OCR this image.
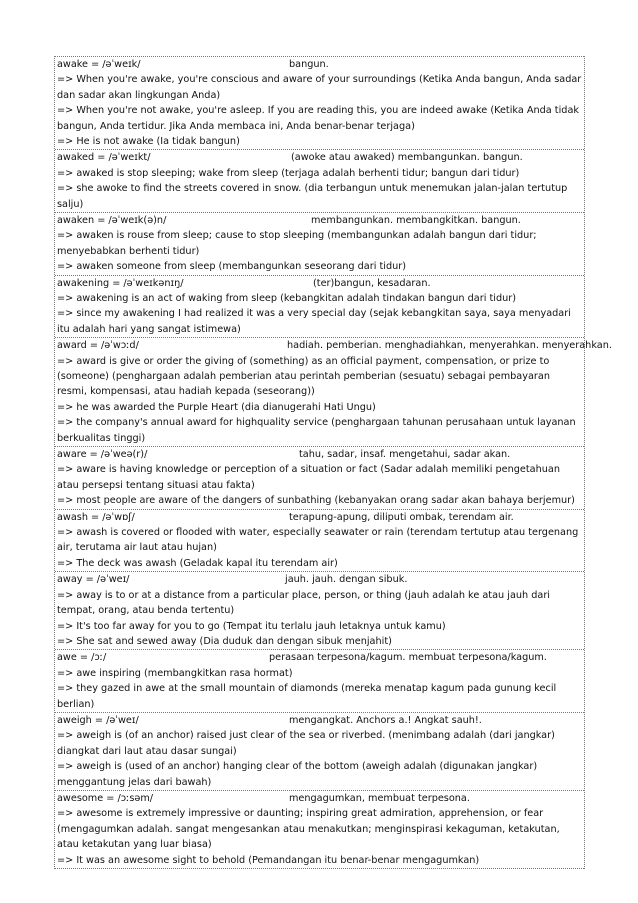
awake = /əˈweɪk/	bangun.
=> When you're awake, you're conscious and aware of your surroundings (Ketika Anda bangun, Anda sadar dan sadar akan lingkungan Anda)
=> When you're not awake, you're asleep. If you are reading this, you are indeed awake (Ketika Anda tidak bangun, Anda tertidur. Jika Anda membaca ini, Anda benar-benar terjaga)
=> He is not awake (Ia tidak bangun)
awaked = /əˈweɪkt/	(awoke atau awaked) membangunkan. bangun.
=> awaked is stop sleeping; wake from sleep (terjaga adalah berhenti tidur; bangun dari tidur)
=> she awoke to find the streets covered in snow. (dia terbangun untuk menemukan jalan-jalan tertutup salju)
awaken = /əˈweɪk(ə)n/	membangunkan. membangkitkan. bangun.
=> awaken is rouse from sleep; cause to stop sleeping (membangunkan adalah bangun dari tidur; menyebabkan berhenti tidur)
=> awaken someone from sleep (membangunkan seseorang dari tidur)
awakening = /əˈweɪkənɪŋ/	(ter)bangun, kesadaran.
=> awakening is an act of waking from sleep (kebangkitan adalah tindakan bangun dari tidur)
=> since my awakening I had realized it was a very special day (sejak kebangkitan saya, saya menyadari itu adalah hari yang sangat istimewa)
award = /əˈwɔːd/	hadiah. pemberian. menghadiahkan, menyerahkan. menyerahkan.
=> award is give or order the giving of (something) as an official payment, compensation, or prize to (someone) (penghargaan adalah pemberian atau perintah pemberian (sesuatu) sebagai pembayaran resmi, kompensasi, atau hadiah kepada (seseorang))
=> he was awarded the Purple Heart (dia dianugerahi Hati Ungu)
=> the company's annual award for highquality service (penghargaan tahunan perusahaan untuk layanan berkualitas tinggi)
aware = /əˈweə(r)/	tahu, sadar, insaf. mengetahui, sadar akan.
=> aware is having knowledge or perception of a situation or fact (Sadar adalah memiliki pengetahuan atau persepsi tentang situasi atau fakta)
=> most people are aware of the dangers of sunbathing (kebanyakan orang sadar akan bahaya berjemur)
awash = /əˈwɒʃ/	terapung-apung, diliputi ombak, terendam air.
=> awash is covered or flooded with water, especially seawater or rain (terendam tertutup atau tergenang air, terutama air laut atau hujan)
=> The deck was awash (Geladak kapal itu terendam air)
away = /əˈweɪ/	jauh. jauh. dengan sibuk.
=> away is to or at a distance from a particular place, person, or thing (jauh adalah ke atau jauh dari tempat, orang, atau benda tertentu)
=> It's too far away for you to go (Tempat itu terlalu jauh letaknya untuk kamu)
=> She sat and sewed away (Dia duduk dan dengan sibuk menjahit)
awe = /ɔː/	perasaan terpesona/kagum. membuat terpesona/kagum.
=> awe inspiring (membangkitkan rasa hormat)
=> they gazed in awe at the small mountain of diamonds (mereka menatap kagum pada gunung kecil berlian)
aweigh = /əˈweɪ/	mengangkat. Anchors a.! Angkat sauh!.
=> aweigh is (of an anchor) raised just clear of the sea or riverbed. (menimbang adalah (dari jangkar) diangkat dari laut atau dasar sungai)
=> aweigh is (used of an anchor) hanging clear of the bottom (aweigh adalah (digunakan jangkar) menggantung jelas dari bawah)
awesome = /ɔːsəm/	mengagumkan, membuat terpesona.
=> awesome is extremely impressive or daunting; inspiring great admiration, apprehension, or fear (mengagumkan adalah. sangat mengesankan atau menakutkan; menginspirasi kekaguman, ketakutan, atau ketakutan yang luar biasa)
=> It was an awesome sight to behold (Pemandangan itu benar-benar mengagumkan)
